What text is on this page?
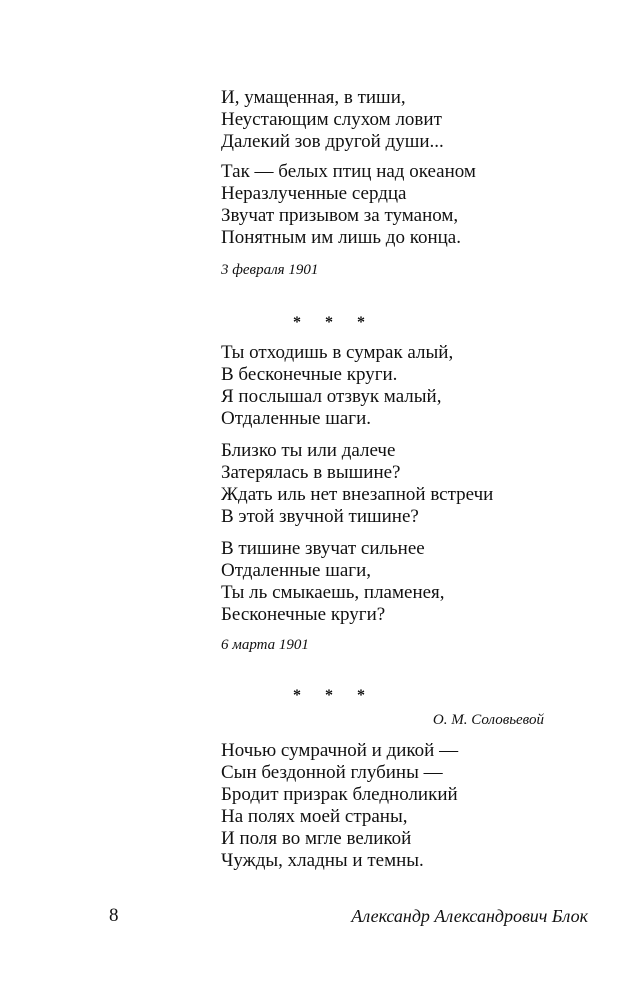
И, умащенная, в тиши,
Неустающим слухом ловит
Далекий зов другой души...
Так — белых птиц над океаном
Неразлученные сердца
Звучат призывом за туманом,
Понятным им лишь до конца.
3 февраля 1901
* * *
Ты отходишь в сумрак алый,
В бесконечные круги.
Я послышал отзвук малый,
Отдаленные шаги.
Близко ты или далече
Затерялась в вышине?
Ждать иль нет внезапной встречи
В этой звучной тишине?
В тишине звучат сильнее
Отдаленные шаги,
Ты ль смыкаешь, пламенея,
Бесконечные круги?
6 марта 1901
* * *
О. М. Соловьевой
Ночью сумрачной и дикой —
Сын бездонной глубины —
Бродит призрак бледноликий
На полях моей страны,
И поля во мгле великой
Чужды, хладны и темны.
8	Александр Александрович Блок
